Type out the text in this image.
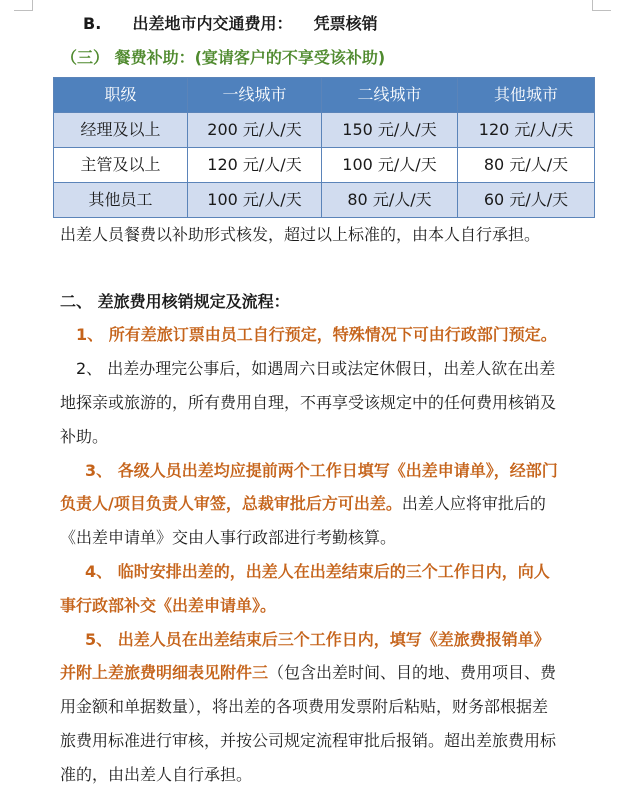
B. 出差地市内交通费用： 凭票核销
（三） 餐费补助：(宴请客户的不享受该补助)
职级	一线城市	二线城市	其他城市
经理及以上	200 元/人/天	150 元/人/天	120 元/人/天
主管及以上	120 元/人/天	100 元/人/天	80 元/人/天
其他员工	100 元/人/天	80 元/人/天	60 元/人/天
出差人员餐费以补助形式核发，超过以上标准的，由本人自行承担。
二、 差旅费用核销规定及流程：
1、 所有差旅订票由员工自行预定，特殊情况下可由行政部门预定。
2、 出差办理完公事后，如遇周六日或法定休假日，出差人欲在出差
地探亲或旅游的，所有费用自理，不再享受该规定中的任何费用核销及
补助。
3、 各级人员出差均应提前两个工作日填写《出差申请单》，经部门
负责人/项目负责人审签，总裁审批后方可出差。出差人应将审批后的
《出差申请单》交由人事行政部进行考勤核算。
4、 临时安排出差的，出差人在出差结束后的三个工作日内，向人
事行政部补交《出差申请单》。
5、 出差人员在出差结束后三个工作日内，填写《差旅费报销单》
并附上差旅费明细表见附件三（包含出差时间、目的地、费用项目、费
用金额和单据数量），将出差的各项费用发票附后粘贴，财务部根据差
旅费用标准进行审核，并按公司规定流程审批后报销。超出差旅费用标
准的，由出差人自行承担。
